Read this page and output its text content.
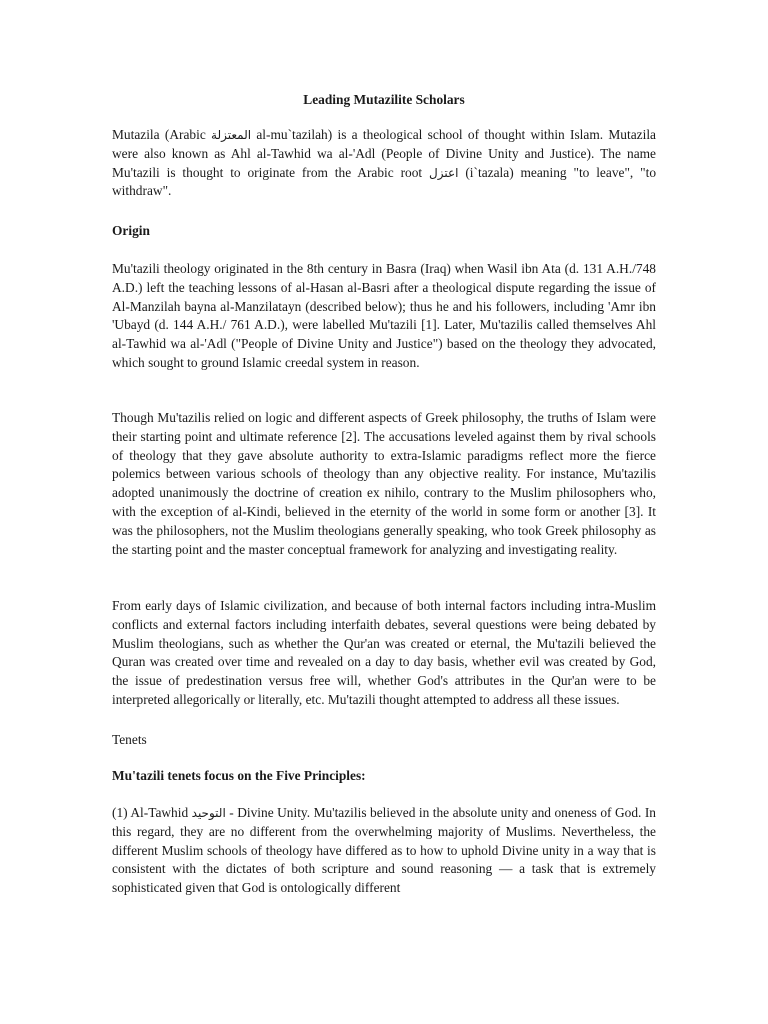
Leading Mutazilite Scholars
Mutazila (Arabic المعتزلة al-mu`tazilah) is a theological school of thought within Islam. Mutazila were also known as Ahl al-Tawhid wa al-'Adl (People of Divine Unity and Justice). The name Mu'tazili is thought to originate from the Arabic root اعتزل (i`tazala) meaning "to leave", "to withdraw".
Origin
Mu'tazili theology originated in the 8th century in Basra (Iraq) when Wasil ibn Ata (d. 131 A.H./748 A.D.) left the teaching lessons of al-Hasan al-Basri after a theological dispute regarding the issue of Al-Manzilah bayna al-Manzilatayn (described below); thus he and his followers, including 'Amr ibn 'Ubayd (d. 144 A.H./ 761 A.D.), were labelled Mu'tazili [1]. Later, Mu'tazilis called themselves Ahl al-Tawhid wa al-'Adl ("People of Divine Unity and Justice") based on the theology they advocated, which sought to ground Islamic creedal system in reason.
Though Mu'tazilis relied on logic and different aspects of Greek philosophy, the truths of Islam were their starting point and ultimate reference [2]. The accusations leveled against them by rival schools of theology that they gave absolute authority to extra-Islamic paradigms reflect more the fierce polemics between various schools of theology than any objective reality. For instance, Mu'tazilis adopted unanimously the doctrine of creation ex nihilo, contrary to the Muslim philosophers who, with the exception of al-Kindi, believed in the eternity of the world in some form or another [3]. It was the philosophers, not the Muslim theologians generally speaking, who took Greek philosophy as the starting point and the master conceptual framework for analyzing and investigating reality.
From early days of Islamic civilization, and because of both internal factors including intra-Muslim conflicts and external factors including interfaith debates, several questions were being debated by Muslim theologians, such as whether the Qur'an was created or eternal, the Mu'tazili believed the Quran was created over time and revealed on a day to day basis, whether evil was created by God, the issue of predestination versus free will, whether God's attributes in the Qur'an were to be interpreted allegorically or literally, etc. Mu'tazili thought attempted to address all these issues.
Tenets
Mu'tazili tenets focus on the Five Principles:
(1) Al-Tawhid التوحيد - Divine Unity. Mu'tazilis believed in the absolute unity and oneness of God. In this regard, they are no different from the overwhelming majority of Muslims. Nevertheless, the different Muslim schools of theology have differed as to how to uphold Divine unity in a way that is consistent with the dictates of both scripture and sound reasoning — a task that is extremely sophisticated given that God is ontologically different
